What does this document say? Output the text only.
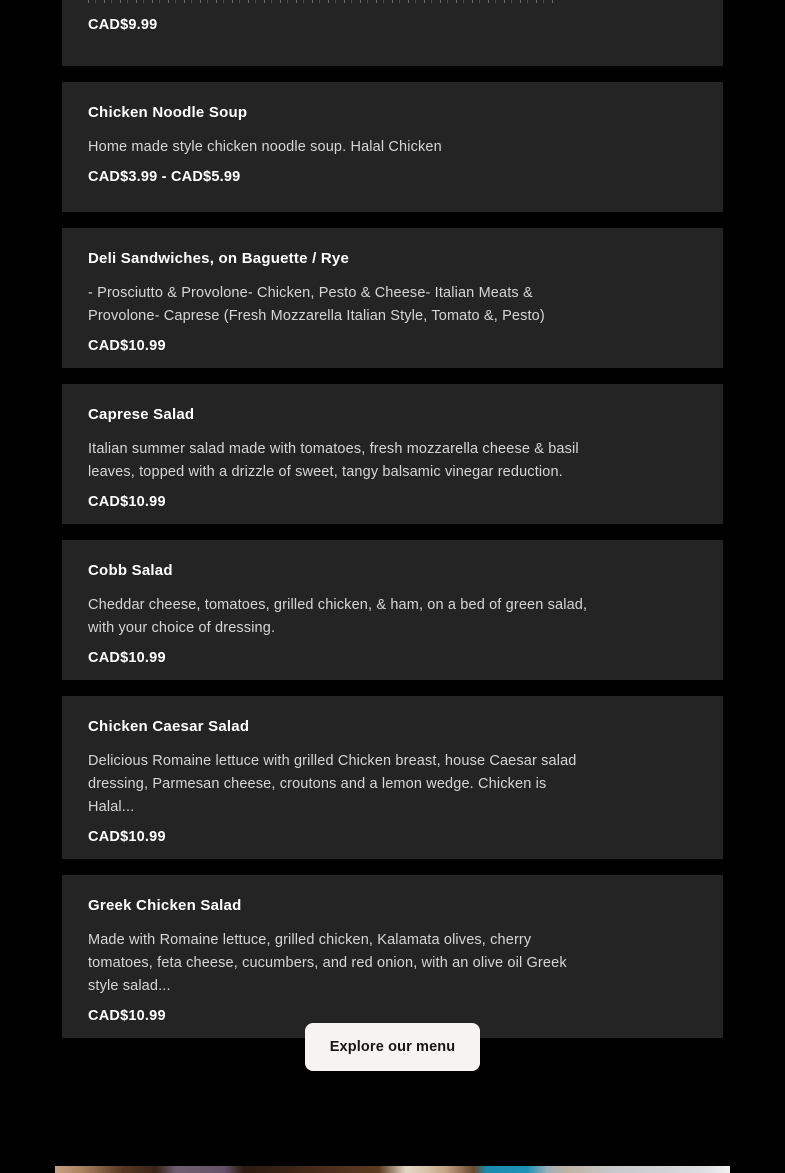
CAD$9.99
Chicken Noodle Soup
Home made style chicken noodle soup. Halal Chicken
CAD$3.99 - CAD$5.99
Deli Sandwiches, on Baguette / Rye
- Prosciutto & Provolone- Chicken, Pesto & Cheese- Italian Meats & Provolone- Caprese (Fresh Mozzarella Italian Style, Tomato &, Pesto)
CAD$10.99
Caprese Salad
Italian summer salad made with tomatoes, fresh mozzarella cheese & basil leaves, topped with a drizzle of sweet, tangy balsamic vinegar reduction.
CAD$10.99
Cobb Salad
Cheddar cheese, tomatoes, grilled chicken, & ham, on a bed of green salad, with your choice of dressing.
CAD$10.99
Chicken Caesar Salad
Delicious Romaine lettuce with grilled Chicken breast, house Caesar salad dressing, Parmesan cheese, croutons and a lemon wedge. Chicken is Halal...
CAD$10.99
Greek Chicken Salad
Made with Romaine lettuce, grilled chicken, Kalamata olives, cherry tomatoes, feta cheese, cucumbers, and red onion, with an olive oil Greek style salad...
CAD$10.99
Explore our menu
